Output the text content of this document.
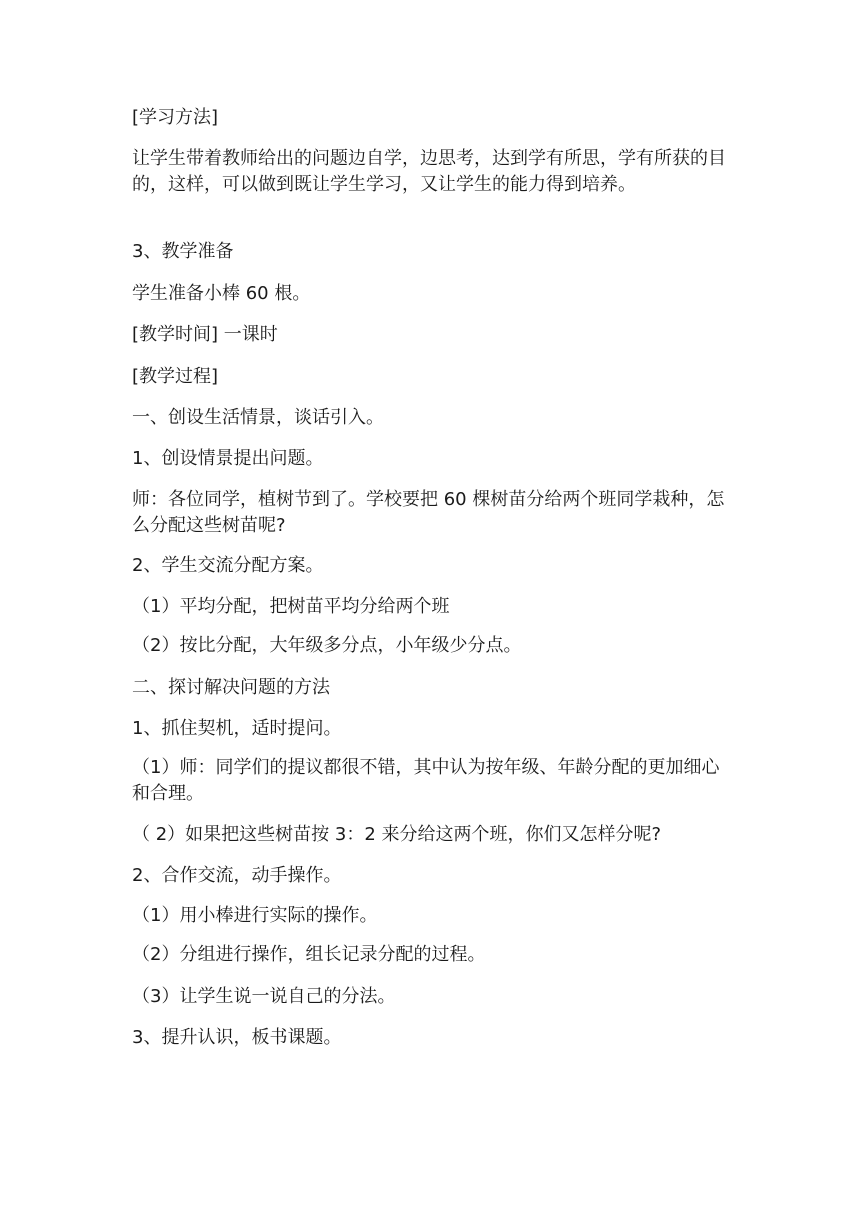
[学习方法]

让学生带着教师给出的问题边自学，边思考，达到学有所思，学有所获的目的，这样，可以做到既让学生学习，又让学生的能力得到培养。

3、教学准备

学生准备小棒 60 根。

[教学时间] 一课时

[教学过程]

一、创设生活情景，谈话引入。

1、创设情景提出问题。

师：各位同学，植树节到了。学校要把 60 棵树苗分给两个班同学栽种，怎么分配这些树苗呢?

2、学生交流分配方案。

（1）平均分配，把树苗平均分给两个班

（2）按比分配，大年级多分点，小年级少分点。

二、探讨解决问题的方法

1、抓住契机，适时提问。

（1）师：同学们的提议都很不错，其中认为按年级、年龄分配的更加细心和合理。

（ 2）如果把这些树苗按 3：2 来分给这两个班，你们又怎样分呢?

2、合作交流，动手操作。

（1）用小棒进行实际的操作。

（2）分组进行操作，组长记录分配的过程。

（3）让学生说一说自己的分法。

3、提升认识，板书课题。
